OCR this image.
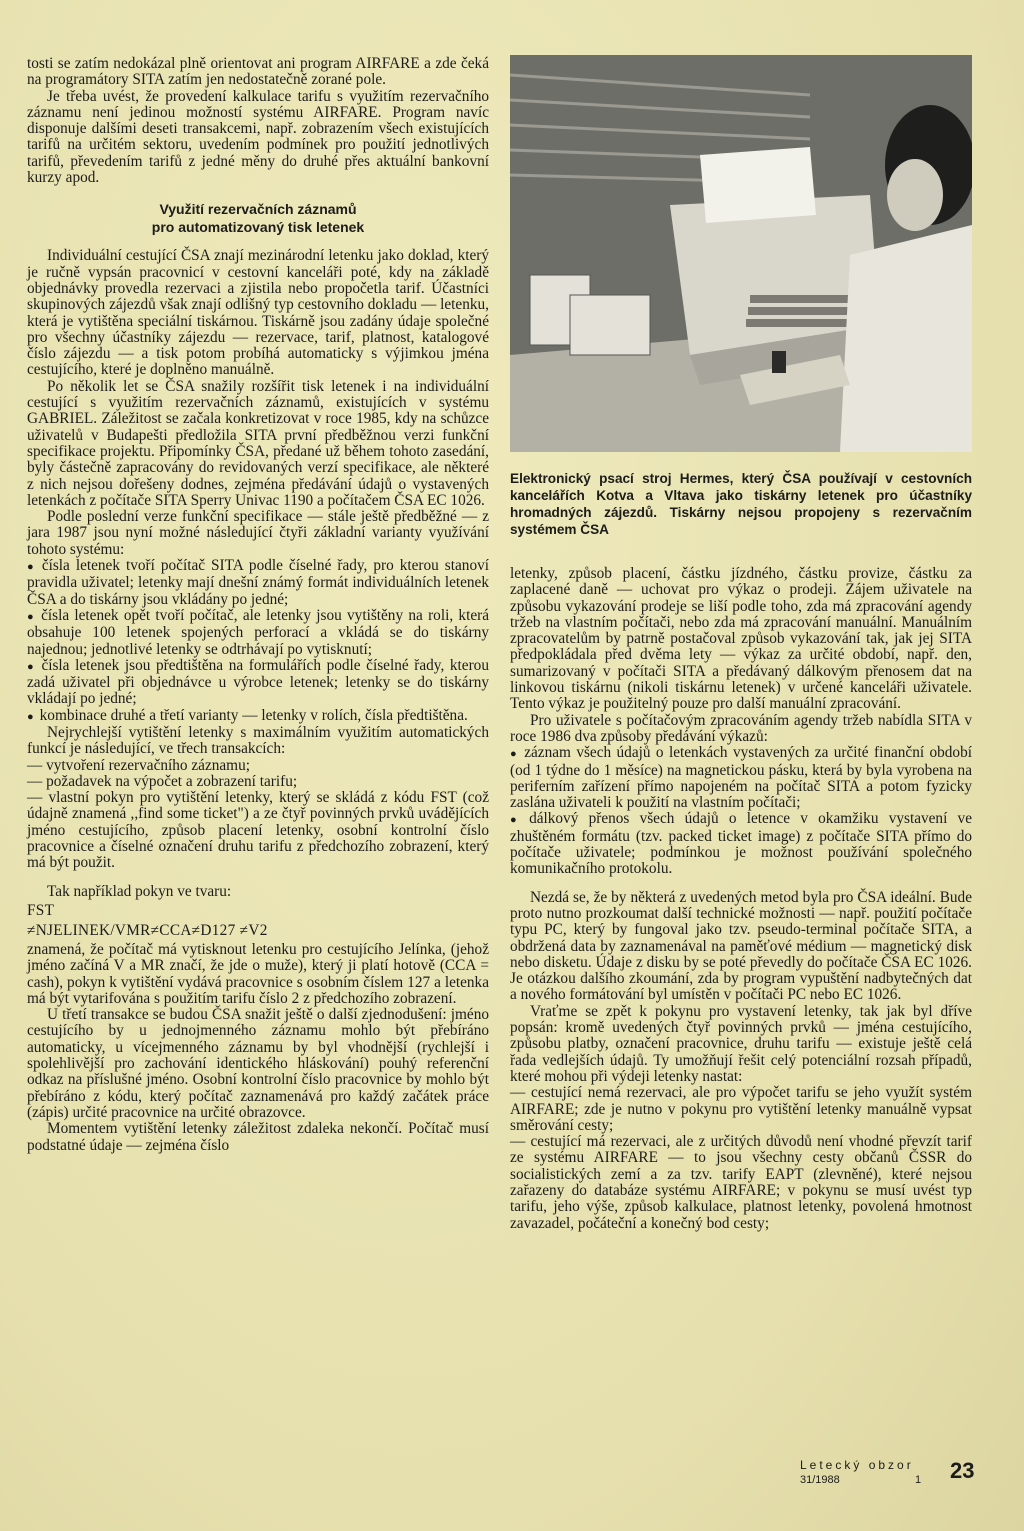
tosti se zatím nedokázal plně orientovat ani program AIRFARE a zde čeká na programátory SITA zatím jen nedostatečně zorané pole.

Je třeba uvést, že provedení kalkulace tarifu s využitím rezervačního záznamu není jedinou možností systému AIRFARE. Program navíc disponuje dalšími deseti transakcemi, např. zobrazením všech existujících tarifů na určitém sektoru, uvedením podmínek pro použití jednotlivých tarifů, převedením tarifů z jedné měny do druhé přes aktuální bankovní kurzy apod.

Využití rezervačních záznamů
pro automatizovaný tisk letenek

Individuální cestující ČSA znají mezinárodní letenku jako doklad, který je ručně vypsán pracovnicí v cestovní kanceláři poté, kdy na základě objednávky provedla rezervaci a zjistila nebo propočetla tarif. Účastníci skupinových zájezdů však znají odlišný typ cestovního dokladu — letenku, která je vytištěna speciální tiskárnou. Tiskárně jsou zadány údaje společné pro všechny účastníky zájezdu — rezervace, tarif, platnost, katalogové číslo zájezdu — a tisk potom probíhá automaticky s výjimkou jména cestujícího, které je doplněno manuálně.

Po několik let se ČSA snažily rozšířit tisk letenek i na individuální cestující s využitím rezervačních záznamů, existujících v systému GABRIEL. Záležitost se začala konkretizovat v roce 1985, kdy na schůzce uživatelů v Budapešti předložila SITA první předběžnou verzi funkční specifikace projektu. Připomínky ČSA, předané už během tohoto zasedání, byly částečně zapracovány do revidovaných verzí specifikace, ale některé z nich nejsou dořešeny dodnes, zejména předávání údajů o vystavených letenkách z počítače SITA Sperry Univac 1190 a počítačem ČSA EC 1026.

Podle poslední verze funkční specifikace — stále ještě předběžné — z jara 1987 jsou nyní možné následující čtyři základní varianty využívání tohoto systému:

● čísla letenek tvoří počítač SITA podle číselné řady, pro kterou stanoví pravidla uživatel; letenky mají dnešní známý formát individuálních letenek ČSA a do tiskárny jsou vkládány po jedné;
● čísla letenek opět tvoří počítač, ale letenky jsou vytištěny na roli, která obsahuje 100 letenek spojených perforací a vkládá se do tiskárny najednou; jednotlivé letenky se odtrhávají po vytisknutí;
● čísla letenek jsou předtištěna na formulářích podle číselné řady, kterou zadá uživatel při objednávce u výrobce letenek; letenky se do tiskárny vkládají po jedné;
● kombinace druhé a třetí varianty — letenky v rolích, čísla předtištěna.

Nejrychlejší vytištění letenky s maximálním využitím automatických funkcí je následující, ve třech transakcích:

— vytvoření rezervačního záznamu;

— požadavek na výpočet a zobrazení tarifu;

— vlastní pokyn pro vytištění letenky, který se skládá z kódu FST (což údajně znamená ,,find some ticket") a ze čtyř povinných prvků uvádějících jméno cestujícího, způsob placení letenky, osobní kontrolní číslo pracovnice a číselné označení druhu tarifu z předchozího zobrazení, který má být použit.

Tak například pokyn ve tvaru:

FST
≠NJELINEK/VMR≠CCA≠D127 ≠V2

znamená, že počítač má vytisknout letenku pro cestujícího Jelínka, (jehož jméno začíná V a MR značí, že jde o muže), který ji platí hotově (CCA = cash), pokyn k vytištění vydává pracovnice s osobním číslem 127 a letenka má být vytarifována s použitím tarifu číslo 2 z předchozího zobrazení.

U třetí transakce se budou ČSA snažit ještě o další zjednodušení: jméno cestujícího by u jednojmenného záznamu mohlo být přebíráno automaticky, u vícejmenného záznamu by byl vhodnější (rychlejší i spolehlivější pro zachování identického hláskování) pouhý referenční odkaz na příslušné jméno. Osobní kontrolní číslo pracovnice by mohlo být přebíráno z kódu, který počítač zaznamenává pro každý začátek práce (zápis) určité pracovnice na určité obrazovce.

Momentem vytištění letenky záležitost zdaleka nekončí. Počítač musí podstatné údaje — zejména číslo

Elektronický psací stroj Hermes, který ČSA používají v cestovních kancelářích Kotva a Vltava jako tiskárny letenek pro účastníky hromadných zájezdů. Tiskárny nejsou propojeny s rezervačním systémem ČSA

letenky, způsob placení, částku jízdného, částku provize, částku za zaplacené daně — uchovat pro výkaz o prodeji. Zájem uživatele na způsobu vykazování prodeje se liší podle toho, zda má zpracování agendy tržeb na vlastním počítači, nebo zda má zpracování manuální. Manuálním zpracovatelům by patrně postačoval způsob vykazování tak, jak jej SITA předpokládala před dvěma lety — výkaz za určité období, např. den, sumarizovaný v počítači SITA a předávaný dálkovým přenosem dat na linkovou tiskárnu (nikoli tiskárnu letenek) v určené kanceláři uživatele. Tento výkaz je použitelný pouze pro další manuální zpracování.

Pro uživatele s počítačovým zpracováním agendy tržeb nabídla SITA v roce 1986 dva způsoby předávání výkazů:

● záznam všech údajů o letenkách vystavených za určité finanční období (od 1 týdne do 1 měsíce) na magnetickou pásku, která by byla vyrobena na periferním zařízení přímo napojeném na počítač SITA a potom fyzicky zaslána uživateli k použití na vlastním počítači;
● dálkový přenos všech údajů o letence v okamžiku vystavení ve zhuštěném formátu (tzv. packed ticket image) z počítače SITA přímo do počítače uživatele; podmínkou je možnost používání společného komunikačního protokolu.

Nezdá se, že by některá z uvedených metod byla pro ČSA ideální. Bude proto nutno prozkoumat další technické možnosti — např. použití počítače typu PC, který by fungoval jako tzv. pseudo-terminal počítače SITA, a obdržená data by zaznamenával na paměťové médium — magnetický disk nebo disketu. Údaje z disku by se poté převedly do počítače ČSA EC 1026. Je otázkou dalšího zkoumání, zda by program vypuštění nadbytečných dat a nového formátování byl umístěn v počítači PC nebo EC 1026.

Vraťme se zpět k pokynu pro vystavení letenky, tak jak byl dříve popsán: kromě uvedených čtyř povinných prvků — jména cestujícího, způsobu platby, označení pracovnice, druhu tarifu — existuje ještě celá řada vedlejších údajů. Ty umožňují řešit celý potenciální rozsah případů, které mohou při výdeji letenky nastat:

— cestující nemá rezervaci, ale pro výpočet tarifu se jeho využít systém AIRFARE; zde je nutno v pokynu pro vytištění letenky manuálně vypsat směrování cesty;

— cestující má rezervaci, ale z určitých důvodů není vhodné převzít tarif ze systému AIRFARE — to jsou všechny cesty občanů ČSSR do socialistických zemí a za tzv. tarify EAPT (zlevněné), které nejsou zařazeny do databáze systému AIRFARE; v pokynu se musí uvést typ tarifu, jeho výše, způsob kalkulace, platnost letenky, povolená hmotnost zavazadel, počáteční a konečný bod cesty;

Letecký obzor
31/1988	1 23
